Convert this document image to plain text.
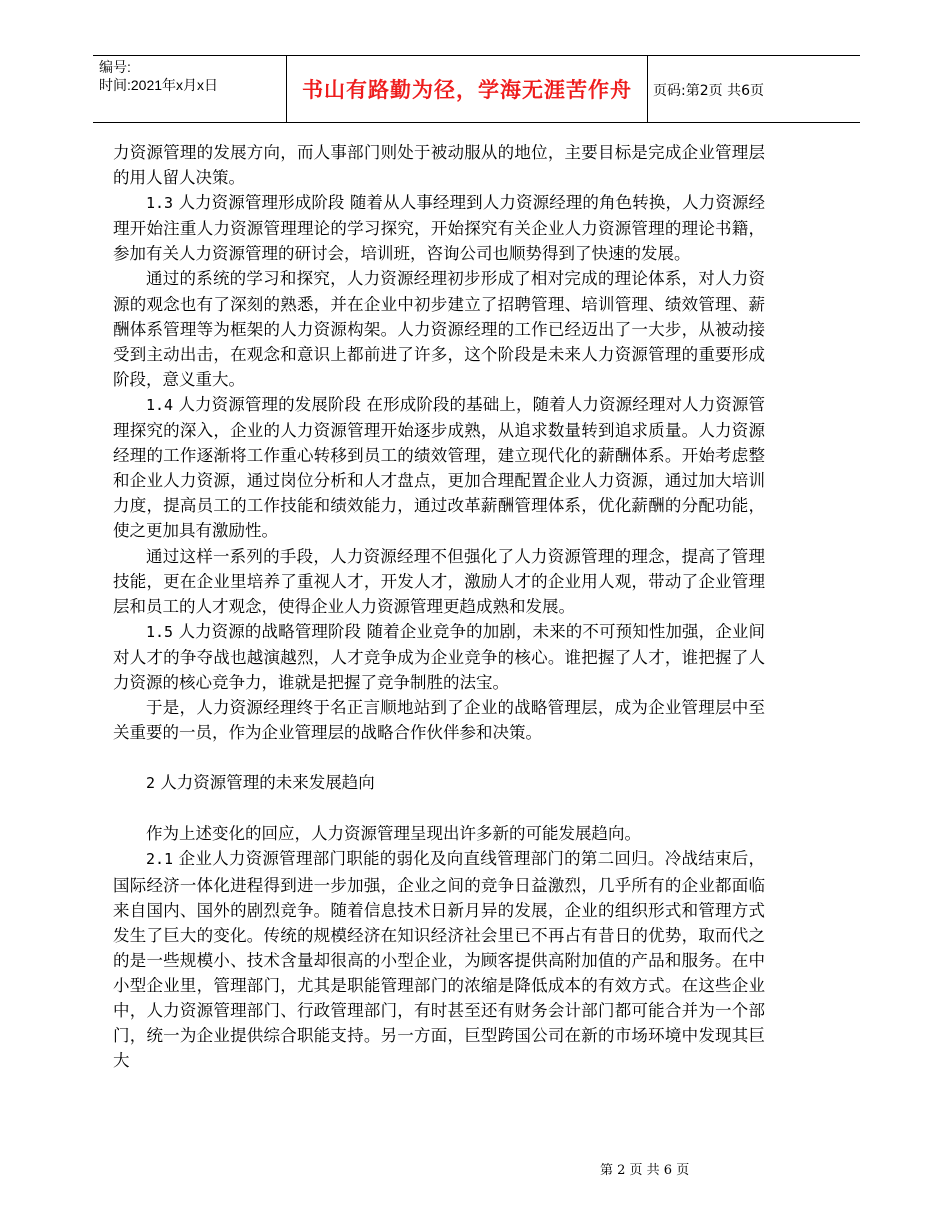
编号:
时间:2021年x月x日	书山有路勤为径，学海无涯苦作舟 页码:第2页 共6页

力资源管理的发展方向，而人事部门则处于被动服从的地位，主要目标是完成企业管理层的用人留人决策。

1.3 人力资源管理形成阶段 随着从人事经理到人力资源经理的角色转换，人力资源经理开始注重人力资源管理理论的学习探究，开始探究有关企业人力资源管理的理论书籍，参加有关人力资源管理的研讨会，培训班，咨询公司也顺势得到了快速的发展。

通过的系统的学习和探究，人力资源经理初步形成了相对完成的理论体系，对人力资源的观念也有了深刻的熟悉，并在企业中初步建立了招聘管理、培训管理、绩效管理、薪酬体系管理等为框架的人力资源构架。人力资源经理的工作已经迈出了一大步，从被动接受到主动出击，在观念和意识上都前进了许多，这个阶段是未来人力资源管理的重要形成阶段，意义重大。

1.4 人力资源管理的发展阶段 在形成阶段的基础上，随着人力资源经理对人力资源管理探究的深入，企业的人力资源管理开始逐步成熟，从追求数量转到追求质量。人力资源经理的工作逐渐将工作重心转移到员工的绩效管理，建立现代化的薪酬体系。开始考虑整和企业人力资源，通过岗位分析和人才盘点，更加合理配置企业人力资源，通过加大培训力度，提高员工的工作技能和绩效能力，通过改革薪酬管理体系，优化薪酬的分配功能，使之更加具有激励性。

通过这样一系列的手段，人力资源经理不但强化了人力资源管理的理念，提高了管理技能，更在企业里培养了重视人才，开发人才，激励人才的企业用人观，带动了企业管理层和员工的人才观念，使得企业人力资源管理更趋成熟和发展。

1.5 人力资源的战略管理阶段 随着企业竞争的加剧，未来的不可预知性加强，企业间对人才的争夺战也越演越烈，人才竞争成为企业竞争的核心。谁把握了人才，谁把握了人力资源的核心竞争力，谁就是把握了竞争制胜的法宝。

于是，人力资源经理终于名正言顺地站到了企业的战略管理层，成为企业管理层中至关重要的一员，作为企业管理层的战略合作伙伴参和决策。

2 人力资源管理的未来发展趋向

作为上述变化的回应，人力资源管理呈现出许多新的可能发展趋向。

2.1 企业人力资源管理部门职能的弱化及向直线管理部门的第二回归。冷战结束后，国际经济一体化进程得到进一步加强，企业之间的竞争日益激烈，几乎所有的企业都面临来自国内、国外的剧烈竞争。随着信息技术日新月异的发展，企业的组织形式和管理方式发生了巨大的变化。传统的规模经济在知识经济社会里已不再占有昔日的优势，取而代之的是一些规模小、技术含量却很高的小型企业，为顾客提供高附加值的产品和服务。在中小型企业里，管理部门，尤其是职能管理部门的浓缩是降低成本的有效方式。在这些企业中，人力资源管理部门、行政管理部门，有时甚至还有财务会计部门都可能合并为一个部门，统一为企业提供综合职能支持。另一方面，巨型跨国公司在新的市场环境中发现其巨大

第 2 页 共 6 页
